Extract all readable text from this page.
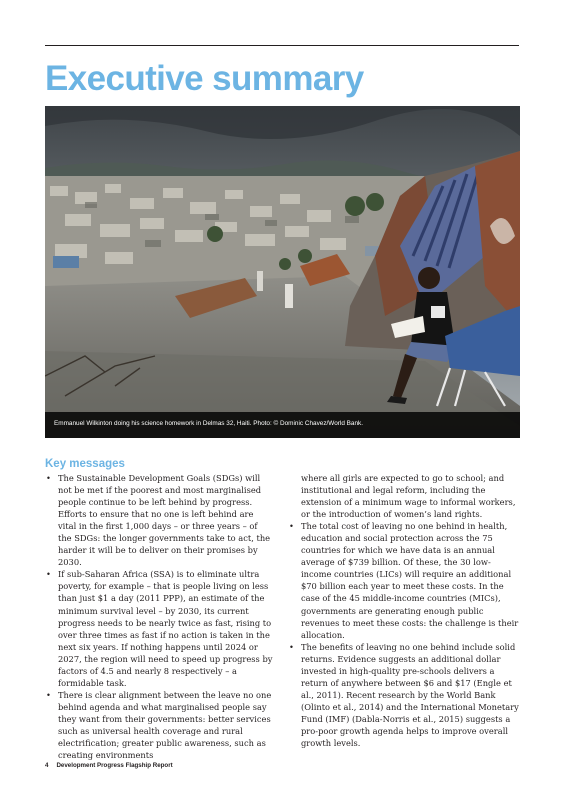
Executive summary
Emmanuel Wilkinton doing his science homework in Delmas 32, Haiti. Photo: © Dominic Chavez/World Bank.
Key messages

• The Sustainable Development Goals (SDGs) will not be met if the poorest and most marginalised people continue to be left behind by progress. Efforts to ensure that no one is left behind are vital in the first 1,000 days – or three years – of the SDGs: the longer governments take to act, the harder it will be to deliver on their promises by 2030.

• If sub-Saharan Africa (SSA) is to eliminate ultra poverty, for example – that is people living on less than just $1 a day (2011 PPP), an estimate of the minimum survival level – by 2030, its current progress needs to be nearly twice as fast, rising to over three times as fast if no action is taken in the next six years. If nothing happens until 2024 or 2027, the region will need to speed up progress by factors of 4.5 and nearly 8 respectively – a formidable task.

• There is clear alignment between the leave no one behind agenda and what marginalised people say they want from their governments: better services such as universal health coverage and rural electrification; greater public awareness, such as creating environments

where all girls are expected to go to school; and institutional and legal reform, including the extension of a minimum wage to informal workers, or the introduction of women’s land rights.

• The total cost of leaving no one behind in health, education and social protection across the 75 countries for which we have data is an annual average of $739 billion. Of these, the 30 low-income countries (LICs) will require an additional $70 billion each year to meet these costs. In the case of the 45 middle-income countries (MICs), governments are generating enough public revenues to meet these costs: the challenge is their allocation.

• The benefits of leaving no one behind include solid returns. Evidence suggests an additional dollar invested in high-quality pre-schools delivers a return of anywhere between $6 and $17 (Engle et al., 2011). Recent research by the World Bank (Olinto et al., 2014) and the International Monetary Fund (IMF) (Dabla-Norris et al., 2015) suggests a pro-poor growth agenda helps to improve overall growth levels.

4 Development Progress Flagship Report
